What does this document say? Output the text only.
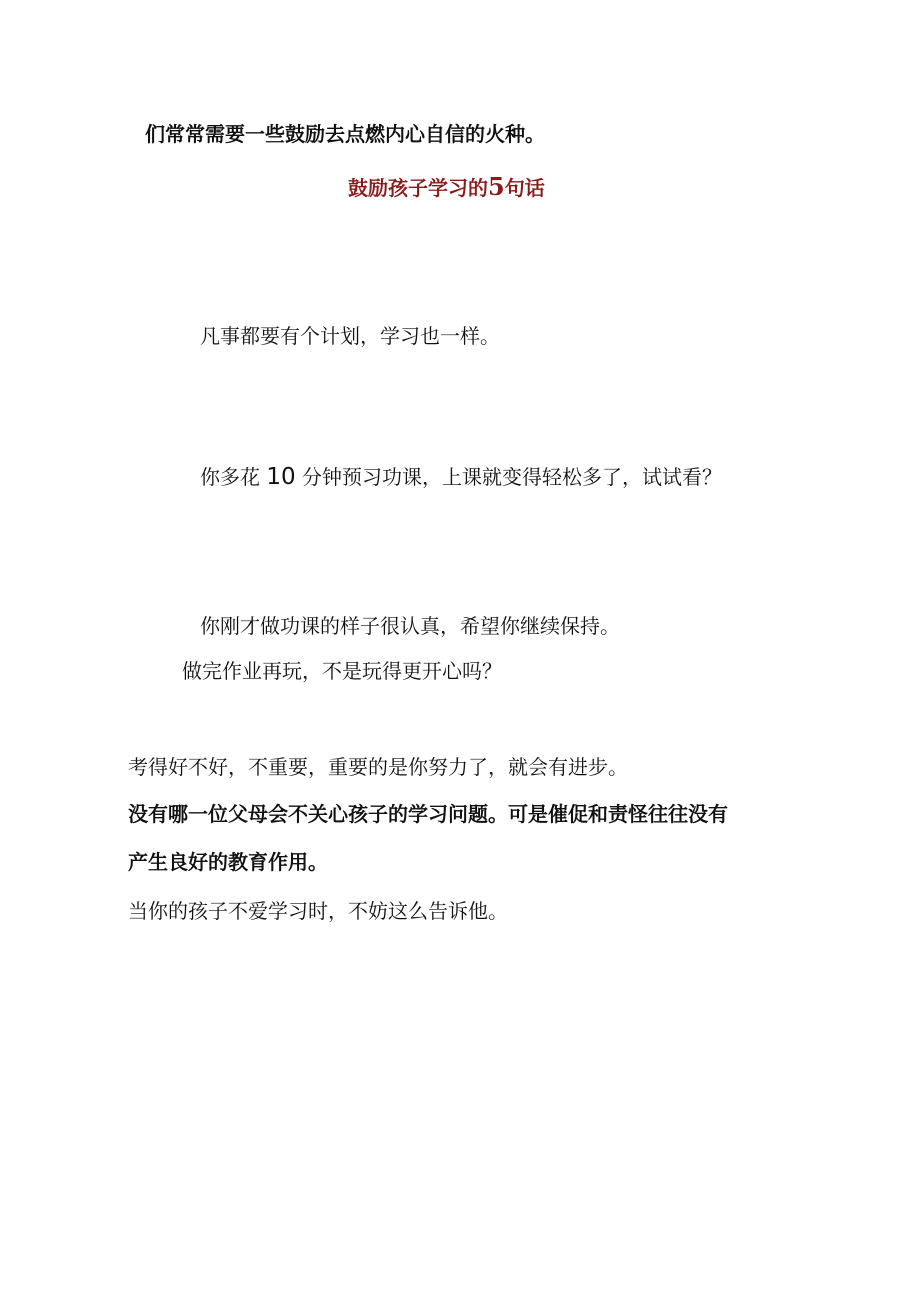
们常常需要一些鼓励去点燃内心自信的火种。
鼓励孩子学习的5句话
凡事都要有个计划，学习也一样。
你多花 10 分钟预习功课，上课就变得轻松多了，试试看？
你刚才做功课的样子很认真，希望你继续保持。
做完作业再玩，不是玩得更开心吗？
考得好不好，不重要，重要的是你努力了，就会有进步。
没有哪一位父母会不关心孩子的学习问题。可是催促和责怪往往没有
产生良好的教育作用。
当你的孩子不爱学习时，不妨这么告诉他。
